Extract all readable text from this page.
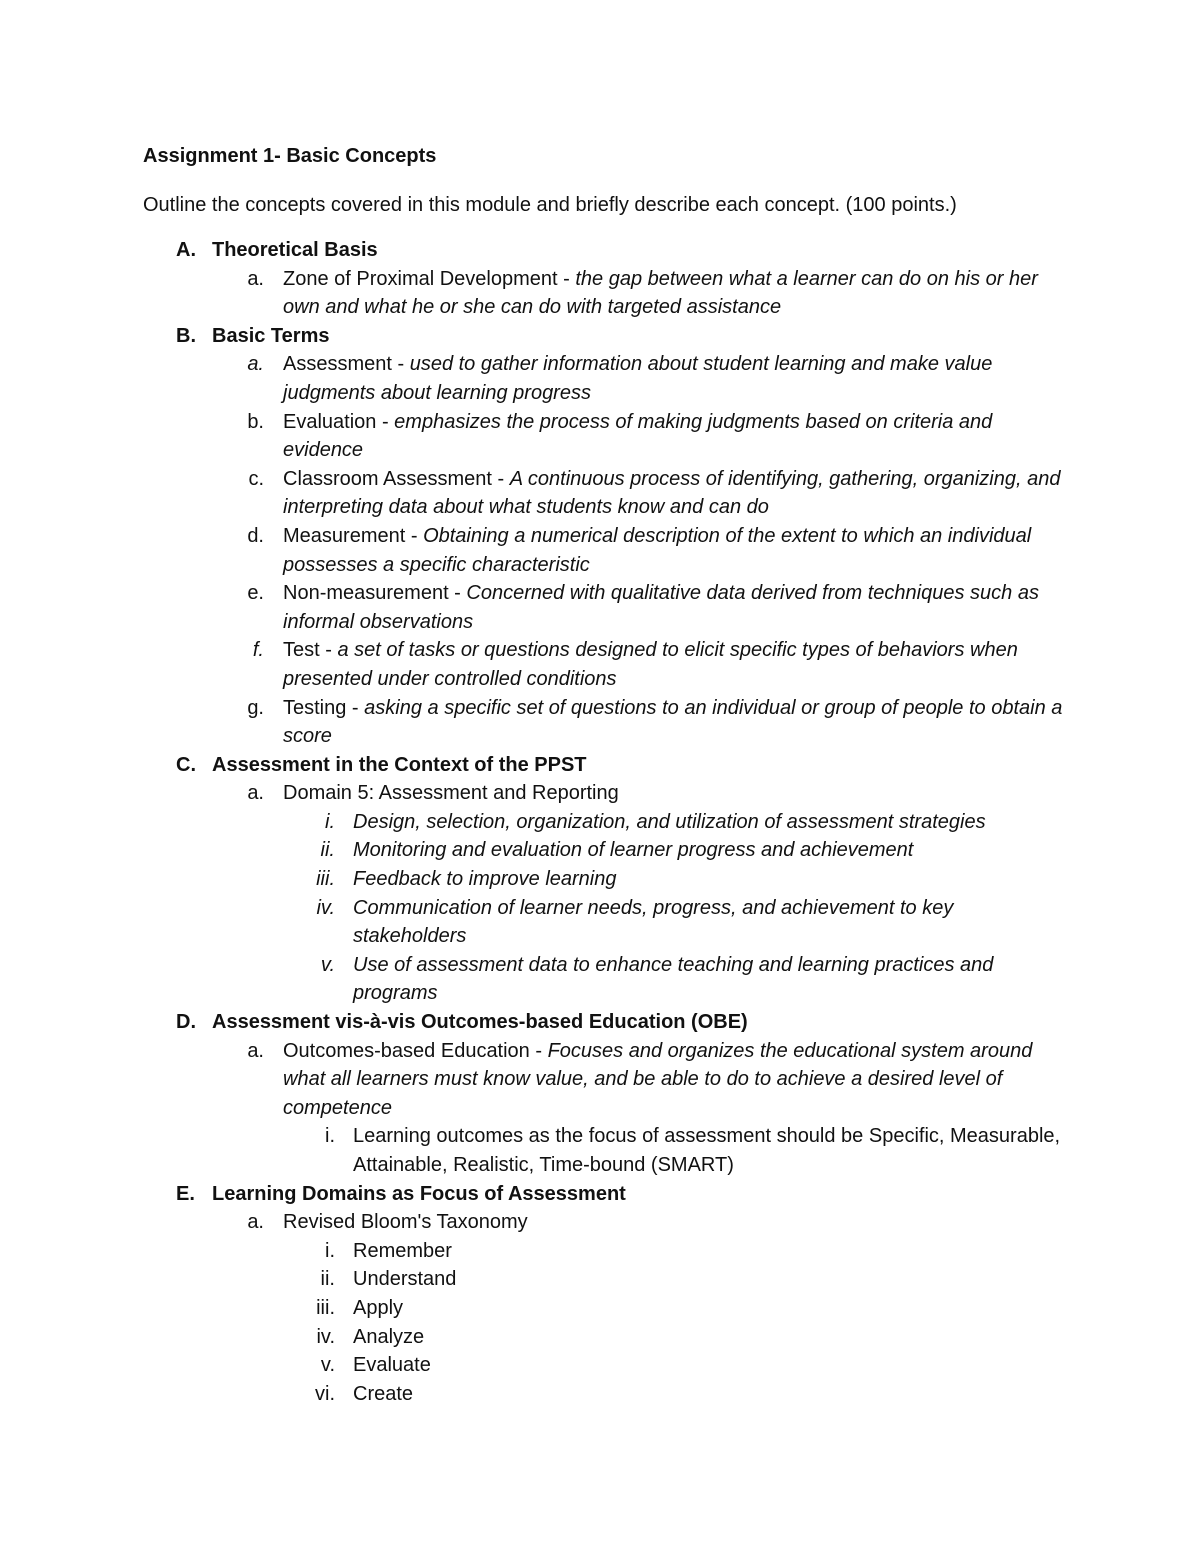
Assignment 1- Basic Concepts
Outline the concepts covered in this module and briefly describe each concept. (100 points.)
A. Theoretical Basis
a. Zone of Proximal Development - the gap between what a learner can do on his or her own and what he or she can do with targeted assistance
B. Basic Terms
a. Assessment - used to gather information about student learning and make value judgments about learning progress
b. Evaluation - emphasizes the process of making judgments based on criteria and evidence
c. Classroom Assessment - A continuous process of identifying, gathering, organizing, and interpreting data about what students know and can do
d. Measurement - Obtaining a numerical description of the extent to which an individual possesses a specific characteristic
e. Non-measurement - Concerned with qualitative data derived from techniques such as informal observations
f. Test - a set of tasks or questions designed to elicit specific types of behaviors when presented under controlled conditions
g. Testing - asking a specific set of questions to an individual or group of people to obtain a score
C. Assessment in the Context of the PPST
a. Domain 5: Assessment and Reporting
i. Design, selection, organization, and utilization of assessment strategies
ii. Monitoring and evaluation of learner progress and achievement
iii. Feedback to improve learning
iv. Communication of learner needs, progress, and achievement to key stakeholders
v. Use of assessment data to enhance teaching and learning practices and programs
D. Assessment vis-à-vis Outcomes-based Education (OBE)
a. Outcomes-based Education - Focuses and organizes the educational system around what all learners must know value, and be able to do to achieve a desired level of competence
i. Learning outcomes as the focus of assessment should be Specific, Measurable, Attainable, Realistic, Time-bound (SMART)
E. Learning Domains as Focus of Assessment
a. Revised Bloom's Taxonomy
i. Remember
ii. Understand
iii. Apply
iv. Analyze
v. Evaluate
vi. Create
